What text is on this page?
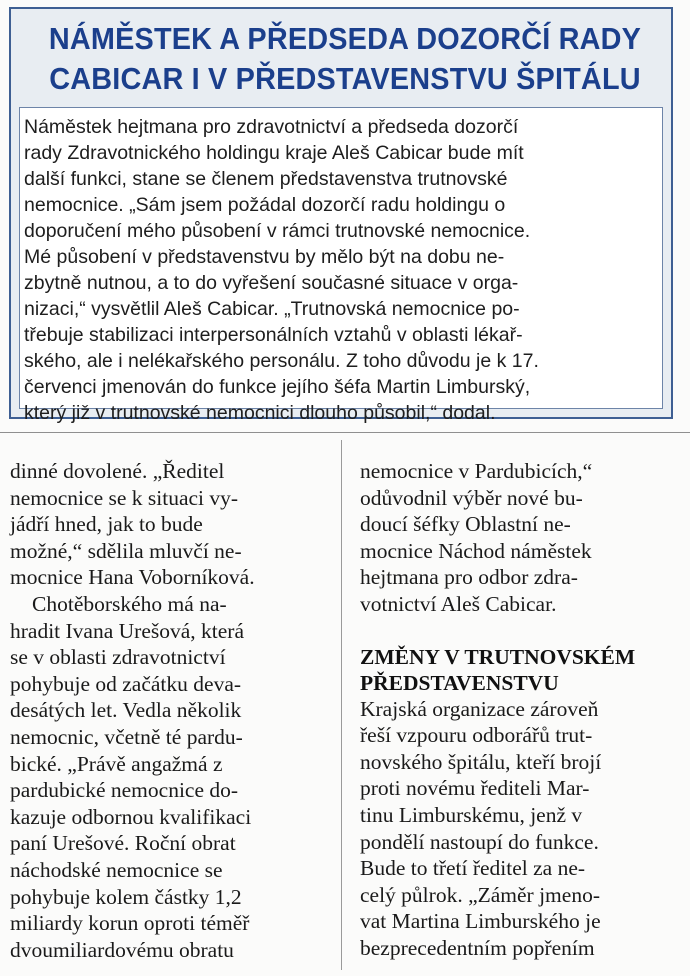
NÁMĚSTEK A PŘEDSEDA DOZORČÍ RADY
CABICAR I V PŘEDSTAVENSTVU ŠPITÁLU
Náměstek hejtmana pro zdravotnictví a předseda dozorčí
rady Zdravotnického holdingu kraje Aleš Cabicar bude mít
další funkci, stane se členem představenstva trutnovské
nemocnice. „Sám jsem požádal dozorčí radu holdingu o
doporučení mého působení v rámci trutnovské nemocnice.
Mé působení v představenstvu by mělo být na dobu ne-
zbytně nutnou, a to do vyřešení současné situace v orga-
nizaci,“ vysvětlil Aleš Cabicar. „Trutnovská nemocnice po-
třebuje stabilizaci interpersonálních vztahů v oblasti lékař-
ského, ale i nelékařského personálu. Z toho důvodu je k 17.
červenci jmenován do funkce jejího šéfa Martin Limburský,
který již v trutnovské nemocnici dlouho působil,“ dodal.
dinné dovolené. „Ředitel
nemocnice se k situaci vy-
jádří hned, jak to bude
možné,“ sdělila mluvčí ne-
mocnice Hana Voborníková.
Chotěborského má na-
hradit Ivana Urešová, která
se v oblasti zdravotnictví
pohybuje od začátku deva-
desátých let. Vedla několik
nemocnic, včetně té pardu-
bické. „Právě angažmá z
pardubické nemocnice do-
kazuje odbornou kvalifikaci
paní Urešové. Roční obrat
náchodské nemocnice se
pohybuje kolem částky 1,2
miliardy korun oproti téměř
dvoumiliardovému obratu
nemocnice v Pardubicích,“
odůvodnil výběr nové bu-
doucí šéfky Oblastní ne-
mocnice Náchod náměstek
hejtmana pro odbor zdra-
votnictví Aleš Cabicar.
ZMĚNY V TRUTNOVSKÉM
PŘEDSTAVENSTVU
Krajská organizace zároveň
řeší vzpouru odborářů trut-
novského špitálu, kteří brojí
proti novému řediteli Mar-
tinu Limburskému, jenž v
pondělí nastoupí do funkce.
Bude to třetí ředitel za ne-
celý půlrok. „Záměr jmeno-
vat Martina Limburského je
bezprecedentním popřením
